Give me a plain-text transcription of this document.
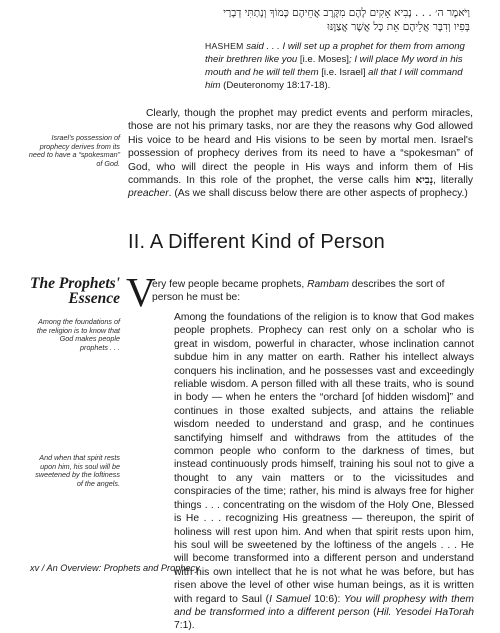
וַיֹּאמֶר ה׳ . . . נָבִיא אָקִים לָהֶם מִקֶּרֶב אֲחֵיהֶם כָּמוֹךָ וְנָתַתִּי דְבָרַי בְּפִיו וְדִבֶּר אֲלֵיהֶם אֵת כָּל אֲשֶׁר אֲצַוֶּנּוּ
HASHEM said . . . I will set up a prophet for them from among their brethren like you [i.e. Moses]; I will place My word in his mouth and he will tell them [i.e. Israel] all that I will command him (Deuteronomy 18:17-18).
Clearly, though the prophet may predict events and perform miracles, those are not his primary tasks, nor are they the reasons why God allowed His voice to be heard and His visions to be seen by mortal men. Israel's possession of prophecy derives from its need to have a “spokesman” of God, who will direct the people in His ways and inform them of His commands. In this role of the prophet, the verse calls him נָבִיא, literally preacher. (As we shall discuss below there are other aspects of prophecy.)
Israel's possession of prophecy derives from its need to have a “spokesman” of God.
II. A Different Kind of Person
The Prophets' Essence
Among the foundations of the religion is to know that God makes people prophets . . .
And when that spirit rests upon him, his soul will be sweetened by the loftiness of the angels.
V
ery few people became prophets, Rambam describes the sort of person he must be:
Among the foundations of the religion is to know that God makes people prophets. Prophecy can rest only on a scholar who is great in wisdom, powerful in character, whose inclination cannot subdue him in any matter on earth. Rather his intellect always conquers his inclination, and he possesses vast and exceedingly reliable wisdom. A person filled with all these traits, who is sound in body — when he enters the “orchard [of hidden wisdom]” and continues in those exalted subjects, and attains the reliable wisdom needed to understand and grasp, and he continues sanctifying himself and withdraws from the attitudes of the common people who conform to the darkness of times, but instead continuously prods himself, training his soul not to give a thought to any vain matters or to the vicissitudes and conspiracies of the time; rather, his mind is always free for higher things . . . concentrating on the wisdom of the Holy One, Blessed is He . . . recognizing His greatness — thereupon, the spirit of holiness will rest upon him. And when that spirit rests upon him, his soul will be sweetened by the loftiness of the angels . . . He will become transformed into a different person and understand with his own intellect that he is not what he was before, but has risen above the level of other wise human beings, as it is written with regard to Saul (I Samuel 10:6): You will prophesy with them and be transformed into a different person (Hil. Yesodei HaTorah 7:1).
xv / An Overview: Prophets and Prophecy
